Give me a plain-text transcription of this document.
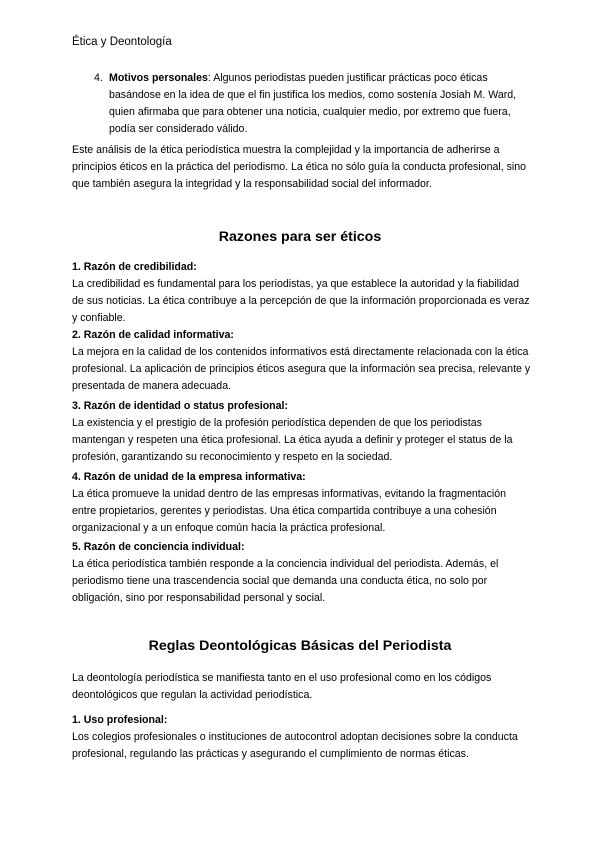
Ética y Deontología
4. Motivos personales: Algunos periodistas pueden justificar prácticas poco éticas basándose en la idea de que el fin justifica los medios, como sostenía Josiah M. Ward, quien afirmaba que para obtener una noticia, cualquier medio, por extremo que fuera, podía ser considerado válido.
Este análisis de la ética periodística muestra la complejidad y la importancia de adherirse a principios éticos en la práctica del periodismo. La ética no sólo guía la conducta profesional, sino que también asegura la integridad y la responsabilidad social del informador.
Razones para ser éticos
1. Razón de credibilidad:
La credibilidad es fundamental para los periodistas, ya que establece la autoridad y la fiabilidad de sus noticias. La ética contribuye a la percepción de que la información proporcionada es veraz y confiable.
2. Razón de calidad informativa:
La mejora en la calidad de los contenidos informativos está directamente relacionada con la ética profesional. La aplicación de principios éticos asegura que la información sea precisa, relevante y presentada de manera adecuada.
3. Razón de identidad o status profesional:
La existencia y el prestigio de la profesión periodística dependen de que los periodistas mantengan y respeten una ética profesional. La ética ayuda a definir y proteger el status de la profesión, garantizando su reconocimiento y respeto en la sociedad.
4. Razón de unidad de la empresa informativa:
La ética promueve la unidad dentro de las empresas informativas, evitando la fragmentación entre propietarios, gerentes y periodistas. Una ética compartida contribuye a una cohesión organizacional y a un enfoque común hacia la práctica profesional.
5. Razón de conciencia individual:
La ética periodística también responde a la conciencia individual del periodista. Además, el periodismo tiene una trascendencia social que demanda una conducta ética, no solo por obligación, sino por responsabilidad personal y social.
Reglas Deontológicas Básicas del Periodista
La deontología periodística se manifiesta tanto en el uso profesional como en los códigos deontológicos que regulan la actividad periodística.
1. Uso profesional:
Los colegios profesionales o instituciones de autocontrol adoptan decisiones sobre la conducta profesional, regulando las prácticas y asegurando el cumplimiento de normas éticas.
